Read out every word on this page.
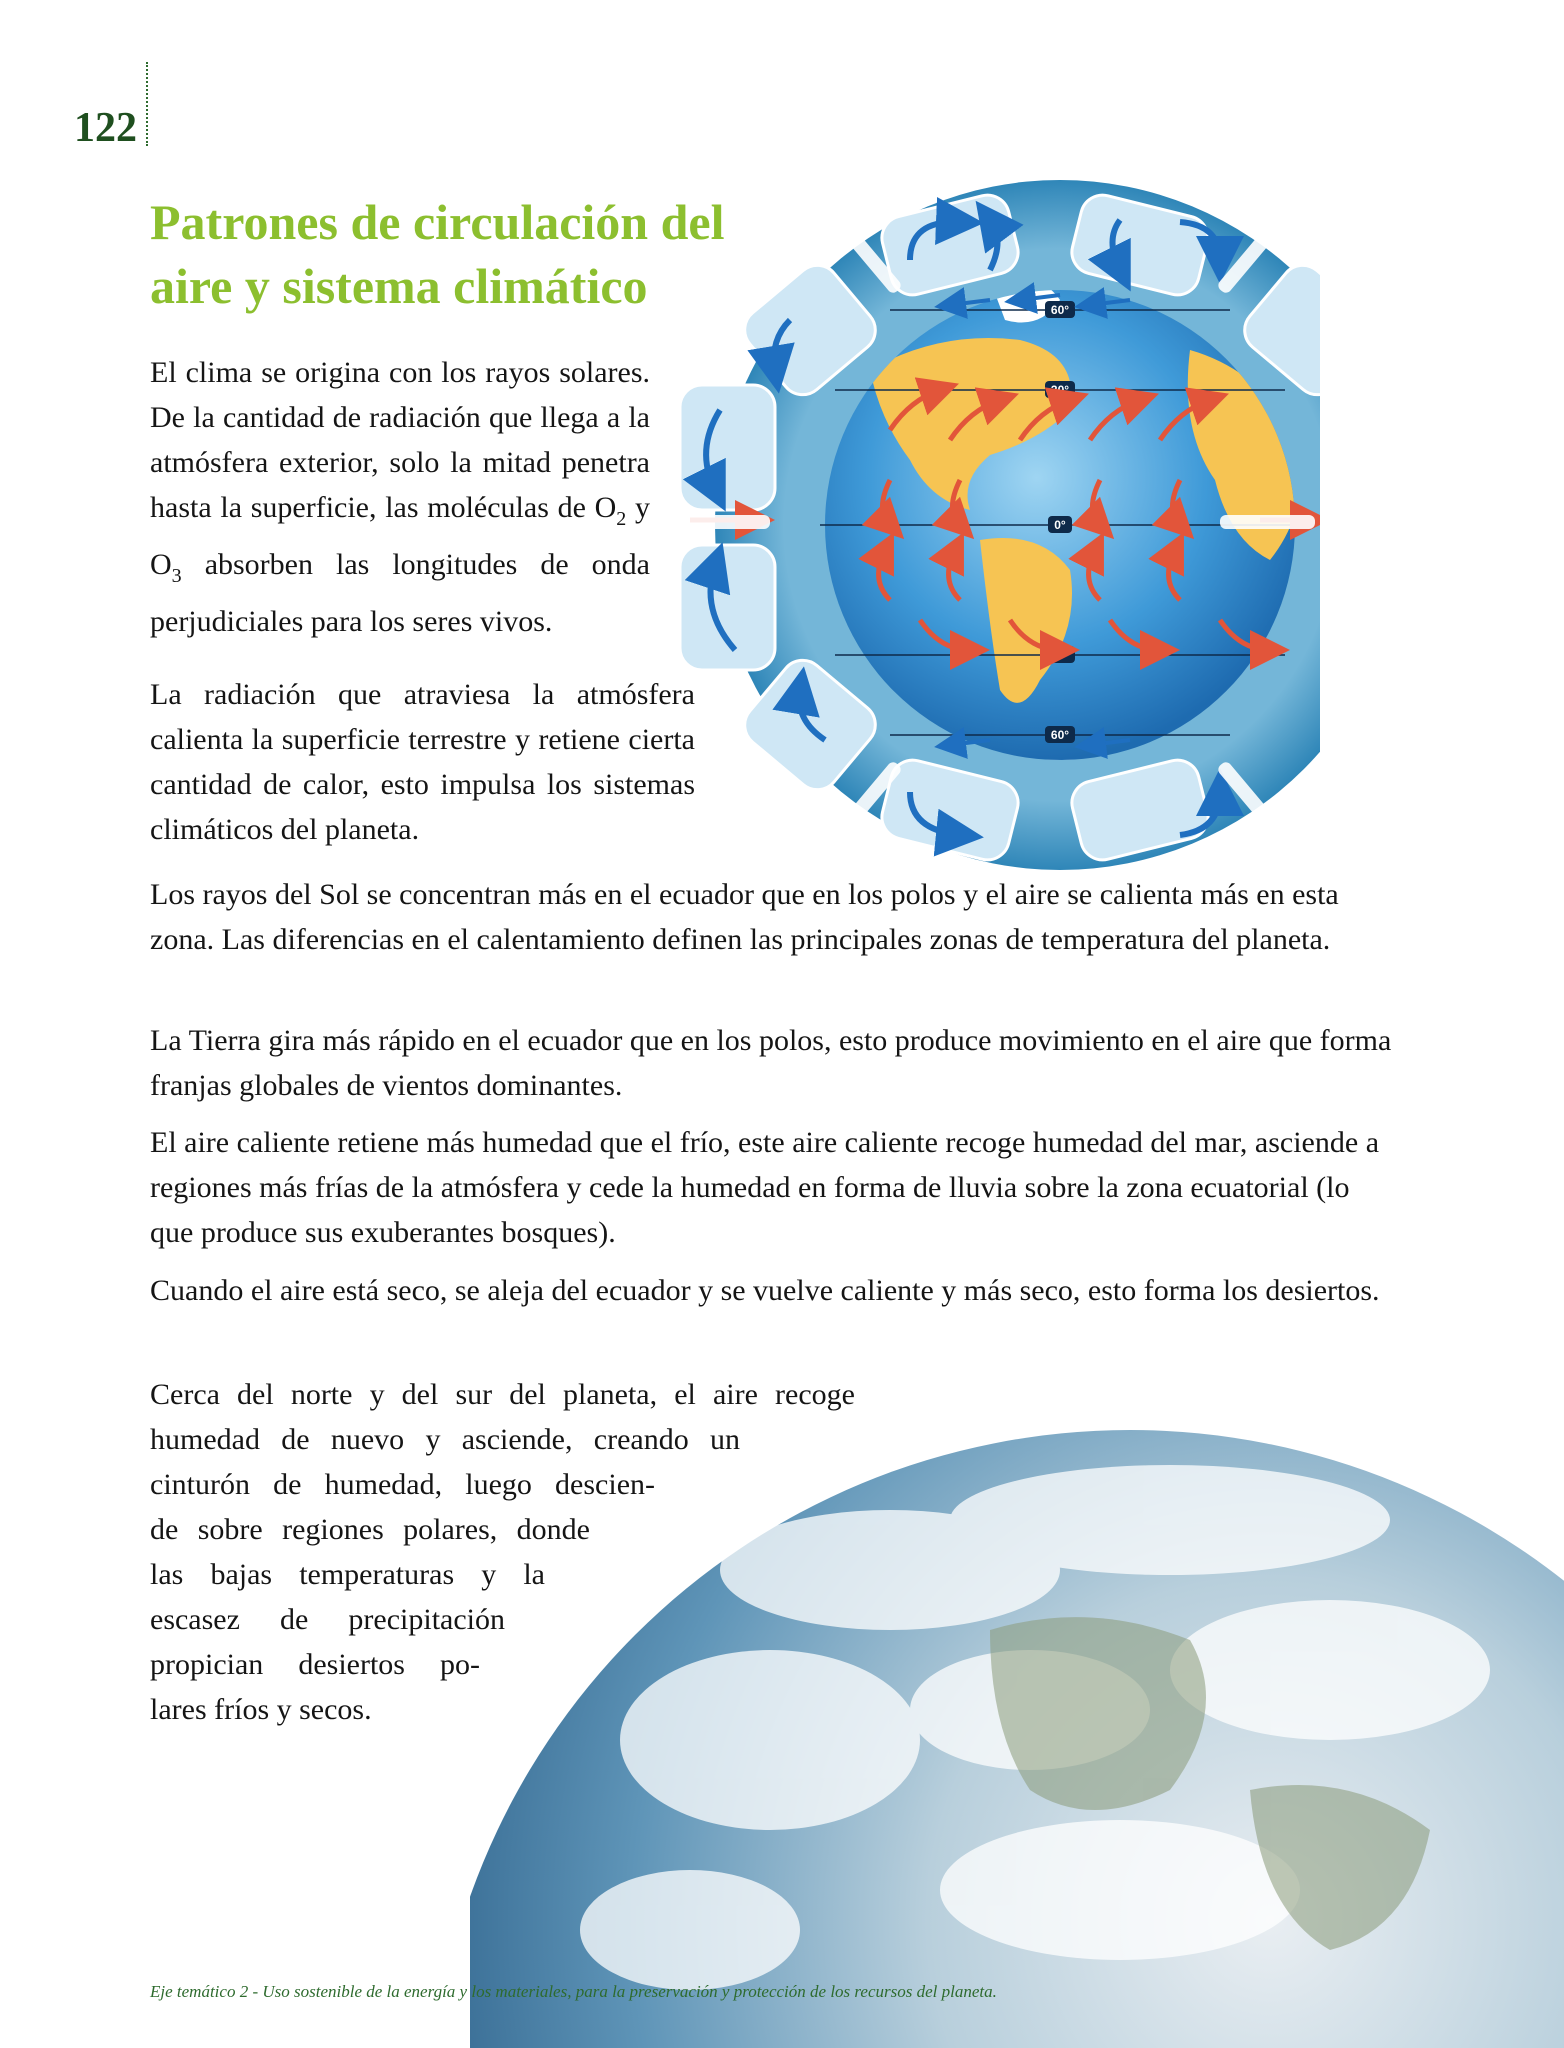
122
Patrones de circulación del
aire y sistema climático

El clima se origina con los rayos solares. De la cantidad de radiación que llega a la atmósfera exterior, solo la mitad penetra hasta la superficie, las moléculas de $O_2$ y $O_3$ absorben las longitudes de onda perjudiciales para los seres vivos.

La radiación que atraviesa la atmósfera calienta la superficie terrestre y retiene cierta cantidad de calor, esto impulsa los sistemas climáticos del planeta.

Los rayos del Sol se concentran más en el ecuador que en los polos y el aire se calienta más en esta zona. Las diferencias en el calentamiento definen las principales zonas de temperatura del planeta.

La Tierra gira más rápido en el ecuador que en los polos, esto produce movimiento en el aire que forma franjas globales de vientos dominantes.

El aire caliente retiene más humedad que el frío, este aire caliente recoge humedad del mar, asciende a regiones más frías de la atmósfera y cede la humedad en forma de lluvia sobre la zona ecuatorial (lo que produce sus exuberantes bosques).

Cuando el aire está seco, se aleja del ecuador y se vuelve caliente y más seco, esto forma los desiertos.

Cerca del norte y del sur del planeta, el aire recoge
humedad de nuevo y asciende, creando un
cinturón de humedad, luego descien-
de sobre regiones polares, donde
las bajas temperaturas y la
escasez de precipitación
propician desiertos po-
lares fríos y secos.

60°
30°
0°
30°
60°

Eje temático 2 - Uso sostenible de la energía y los materiales, para la preservación y protección de los recursos del planeta.
